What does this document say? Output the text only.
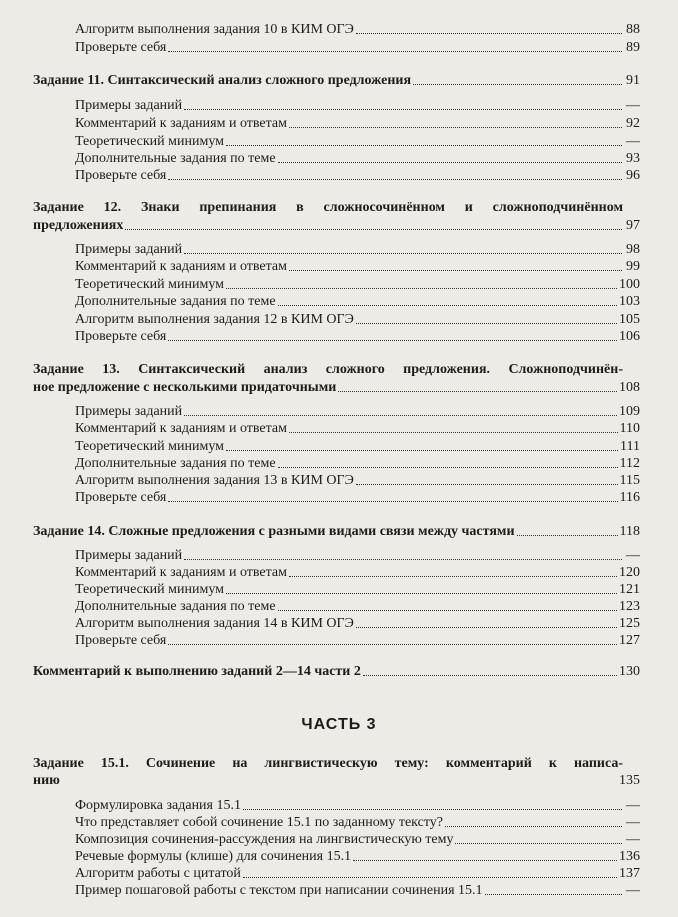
Алгоритм выполнения задания 10 в КИМ ОГЭ	88
Проверьте себя	89
Задание 11. Синтаксический анализ сложного предложения	91
Примеры заданий	—
Комментарий к заданиям и ответам	92
Теоретический минимум	—
Дополнительные задания по теме	93
Проверьте себя	96
Задание 12. Знаки препинания в сложносочинённом и сложноподчинённом
предложениях	97
Примеры заданий	98
Комментарий к заданиям и ответам	99
Теоретический минимум	100
Дополнительные задания по теме	103
Алгоритм выполнения задания 12 в КИМ ОГЭ	105
Проверьте себя	106
Задание 13. Синтаксический анализ сложного предложения. Сложноподчинён-
ное предложение с несколькими придаточными	108
Примеры заданий	109
Комментарий к заданиям и ответам	110
Теоретический минимум	111
Дополнительные задания по теме	112
Алгоритм выполнения задания 13 в КИМ ОГЭ	115
Проверьте себя	116
Задание 14. Сложные предложения с разными видами связи между частями	118
Примеры заданий	—
Комментарий к заданиям и ответам	120
Теоретический минимум	121
Дополнительные задания по теме	123
Алгоритм выполнения задания 14 в КИМ ОГЭ	125
Проверьте себя	127
Комментарий к выполнению заданий 2—14 части 2	130
ЧАСТЬ 3
Задание 15.1. Сочинение на лингвистическую тему: комментарий к написа-
нию	135
Формулировка задания 15.1	—
Что представляет собой сочинение 15.1 по заданному тексту?	—
Композиция сочинения-рассуждения на лингвистическую тему	—
Речевые формулы (клише) для сочинения 15.1	136
Алгоритм работы с цитатой	137
Пример пошаговой работы с текстом при написании сочинения 15.1	—
